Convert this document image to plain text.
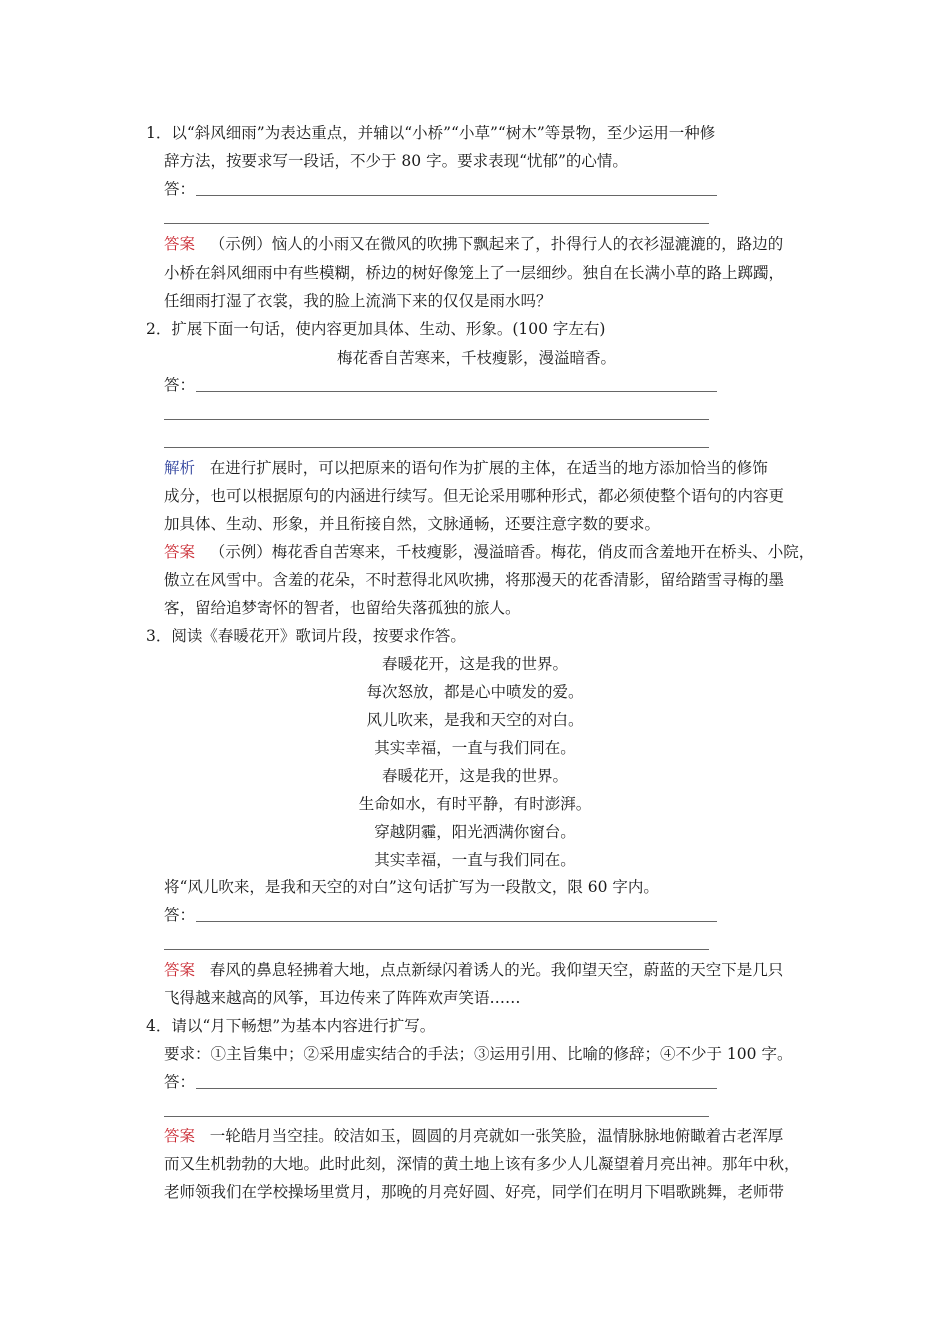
1．以“斜风细雨”为表达重点，并辅以“小桥”“小草”“树木”等景物，至少运用一种修
辞方法，按要求写一段话，不少于 80 字。要求表现“忧郁”的心情。
答：
答案 （示例）恼人的小雨又在微风的吹拂下飘起来了，扑得行人的衣衫湿漉漉的，路边的
小桥在斜风细雨中有些模糊，桥边的树好像笼上了一层细纱。独自在长满小草的路上踯躅，
任细雨打湿了衣裳，我的脸上流淌下来的仅仅是雨水吗？
2．扩展下面一句话，使内容更加具体、生动、形象。(100 字左右)
梅花香自苦寒来，千枝瘦影，漫溢暗香。
答：
解析 在进行扩展时，可以把原来的语句作为扩展的主体，在适当的地方添加恰当的修饰
成分，也可以根据原句的内涵进行续写。但无论采用哪种形式，都必须使整个语句的内容更
加具体、生动、形象，并且衔接自然，文脉通畅，还要注意字数的要求。
答案 （示例）梅花香自苦寒来，千枝瘦影，漫溢暗香。梅花，俏皮而含羞地开在桥头、小院，
傲立在风雪中。含羞的花朵，不时惹得北风吹拂，将那漫天的花香清影，留给踏雪寻梅的墨
客，留给追梦寄怀的智者，也留给失落孤独的旅人。
3．阅读《春暖花开》歌词片段，按要求作答。
春暖花开，这是我的世界。
每次怒放，都是心中喷发的爱。
风儿吹来，是我和天空的对白。
其实幸福，一直与我们同在。
春暖花开，这是我的世界。
生命如水，有时平静，有时澎湃。
穿越阴霾，阳光洒满你窗台。
其实幸福，一直与我们同在。
将“风儿吹来，是我和天空的对白”这句话扩写为一段散文，限 60 字内。
答：
答案 春风的鼻息轻拂着大地，点点新绿闪着诱人的光。我仰望天空，蔚蓝的天空下是几只
飞得越来越高的风筝，耳边传来了阵阵欢声笑语……
4．请以“月下畅想”为基本内容进行扩写。
要求：①主旨集中；②采用虚实结合的手法；③运用引用、比喻的修辞；④不少于 100 字。
答：
答案 一轮皓月当空挂。皎洁如玉，圆圆的月亮就如一张笑脸，温情脉脉地俯瞰着古老浑厚
而又生机勃勃的大地。此时此刻，深情的黄土地上该有多少人儿凝望着月亮出神。那年中秋，
老师领我们在学校操场里赏月，那晚的月亮好圆、好亮，同学们在明月下唱歌跳舞，老师带
